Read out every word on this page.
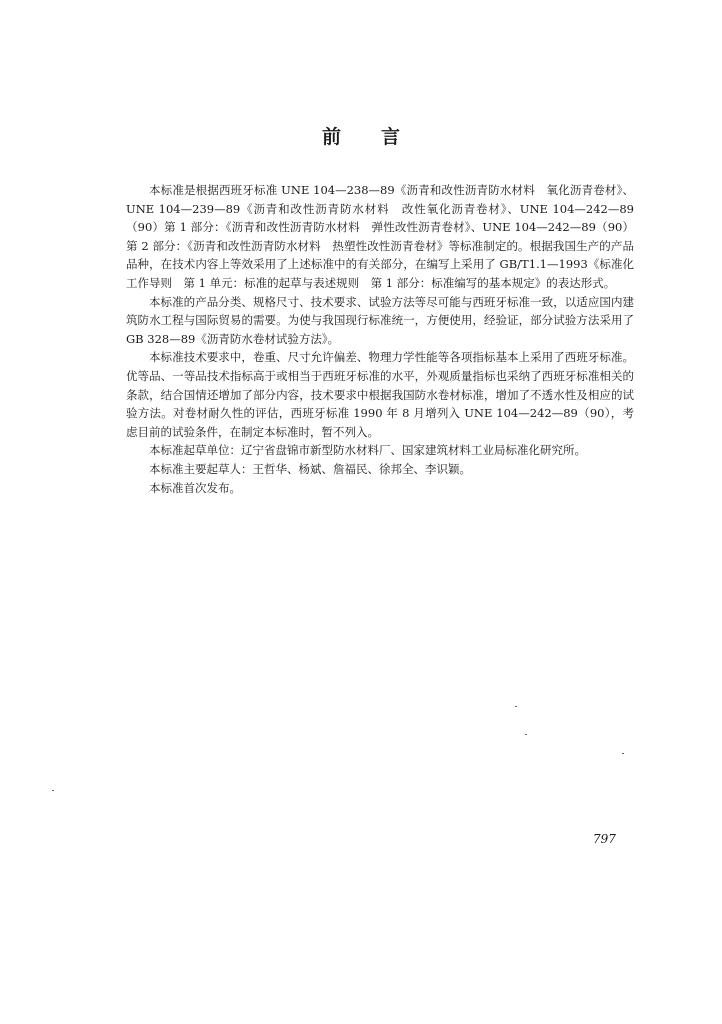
前言

本标准是根据西班牙标准 UNE 104—238—89《沥青和改性沥青防水材料　氧化沥青卷材》、UNE 104—239—89《沥青和改性沥青防水材料　改性氧化沥青卷材》、UNE 104—242—89（90）第 1 部分：《沥青和改性沥青防水材料　弹性改性沥青卷材》、UNE 104—242—89（90）第 2 部分：《沥青和改性沥青防水材料　热塑性改性沥青卷材》等标准制定的。根据我国生产的产品品种，在技术内容上等效采用了上述标准中的有关部分，在编写上采用了 GB/T1.1—1993《标准化工作导则　第 1 单元：标准的起草与表述规则　第 1 部分：标准编写的基本规定》的表达形式。

本标准的产品分类、规格尺寸、技术要求、试验方法等尽可能与西班牙标准一致，以适应国内建筑防水工程与国际贸易的需要。为使与我国现行标准统一，方便使用，经验证，部分试验方法采用了 GB 328—89《沥青防水卷材试验方法》。

本标准技术要求中，卷重、尺寸允许偏差、物理力学性能等各项指标基本上采用了西班牙标准。优等品、一等品技术指标高于或相当于西班牙标准的水平，外观质量指标也采纳了西班牙标准相关的条款，结合国情还增加了部分内容，技术要求中根据我国防水卷材标准，增加了不透水性及相应的试验方法。对卷材耐久性的评估，西班牙标准 1990 年 8 月增列入 UNE 104—242—89（90），考虑目前的试验条件，在制定本标准时，暂不列入。

本标准起草单位：辽宁省盘锦市新型防水材料厂、国家建筑材料工业局标准化研究所。

本标准主要起草人：王哲华、杨斌、詹福民、徐邦全、李识颖。

本标准首次发布。

797
